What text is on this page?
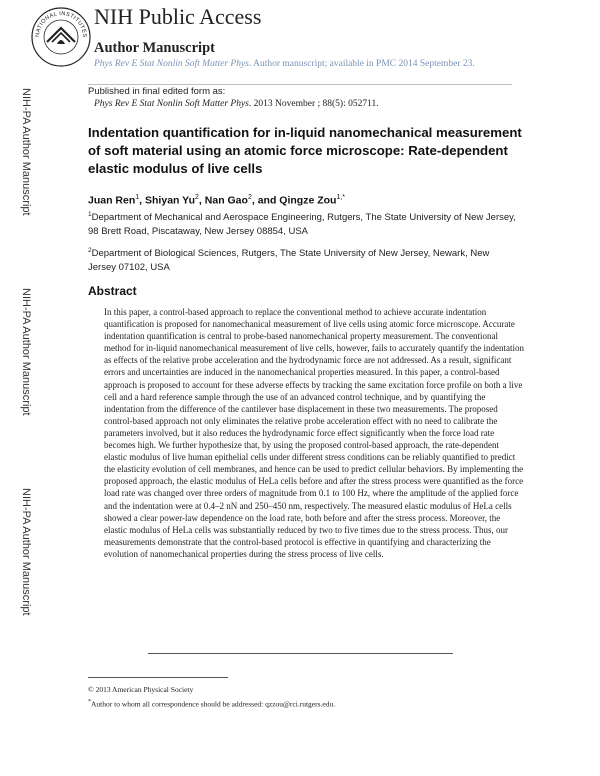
NATIONAL INSTITUTES
NIH Public Access
Author Manuscript
Phys Rev E Stat Nonlin Soft Matter Phys. Author manuscript; available in PMC 2014 September 23.
NIH-PA Author Manuscript
NIH-PA Author Manuscript
NIH-PA Author Manuscript
Published in final edited form as:
Phys Rev E Stat Nonlin Soft Matter Phys. 2013 November ; 88(5): 052711.
Indentation quantification for in-liquid nanomechanical measurement of soft material using an atomic force microscope: Rate-dependent elastic modulus of live cells
Juan Ren$^1$, Shiyan Yu$^2$, Nan Gao$^2$, and Qingze Zou$^{1,*}$
$^1$Department of Mechanical and Aerospace Engineering, Rutgers, The State University of New Jersey, 98 Brett Road, Piscataway, New Jersey 08854, USA
$^2$Department of Biological Sciences, Rutgers, The State University of New Jersey, Newark, New Jersey 07102, USA
Abstract
In this paper, a control-based approach to replace the conventional method to achieve accurate indentation quantification is proposed for nanomechanical measurement of live cells using atomic force microscope. Accurate indentation quantification is central to probe-based nanomechanical property measurement. The conventional method for in-liquid nanomechanical measurement of live cells, however, fails to accurately quantify the indentation as effects of the relative probe acceleration and the hydrodynamic force are not addressed. As a result, significant errors and uncertainties are induced in the nanomechanical properties measured. In this paper, a control-based approach is proposed to account for these adverse effects by tracking the same excitation force profile on both a live cell and a hard reference sample through the use of an advanced control technique, and by quantifying the indentation from the difference of the cantilever base displacement in these two measurements. The proposed control-based approach not only eliminates the relative probe acceleration effect with no need to calibrate the parameters involved, but it also reduces the hydrodynamic force effect significantly when the force load rate becomes high. We further hypothesize that, by using the proposed control-based approach, the rate-dependent elastic modulus of live human epithelial cells under different stress conditions can be reliably quantified to predict the elasticity evolution of cell membranes, and hence can be used to predict cellular behaviors. By implementing the proposed approach, the elastic modulus of HeLa cells before and after the stress process were quantified as the force load rate was changed over three orders of magnitude from 0.1 to 100 Hz, where the amplitude of the applied force and the indentation were at 0.4–2 nN and 250–450 nm, respectively. The measured elastic modulus of HeLa cells showed a clear power-law dependence on the load rate, both before and after the stress process. Moreover, the elastic modulus of HeLa cells was substantially reduced by two to five times due to the stress process. Thus, our measurements demonstrate that the control-based protocol is effective in quantifying and characterizing the evolution of nanomechanical properties during the stress process of live cells.
© 2013 American Physical Society
*Author to whom all correspondence should be addressed: qzzou@rci.rutgers.edu.
